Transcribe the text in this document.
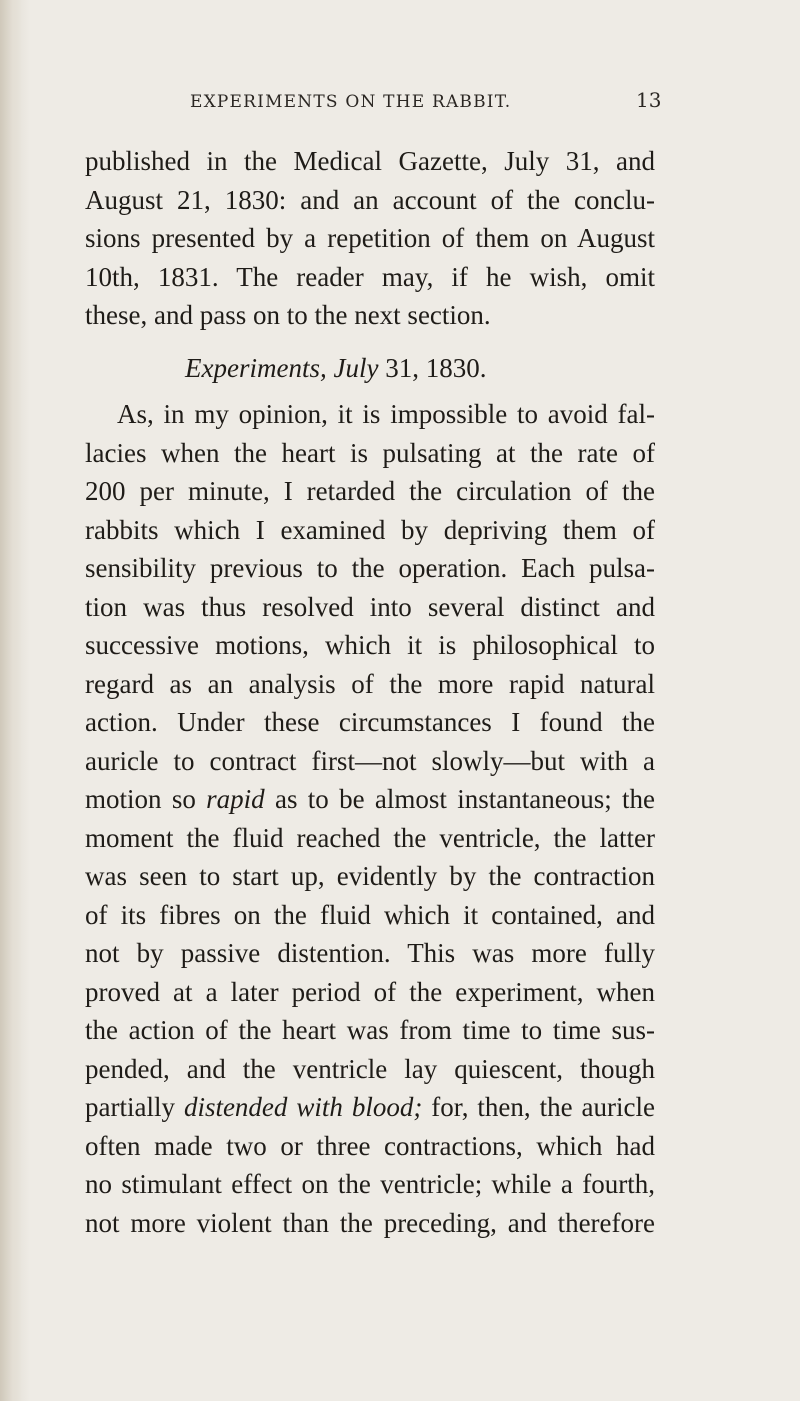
EXPERIMENTS ON THE RABBIT.	13
published in the Medical Gazette, July 31, and
August 21, 1830: and an account of the conclu-
sions presented by a repetition of them on August
10th, 1831. The reader may, if he wish, omit
these, and pass on to the next section.
Experiments, July 31, 1830.
As, in my opinion, it is impossible to avoid fal-
lacies when the heart is pulsating at the rate of
200 per minute, I retarded the circulation of the
rabbits which I examined by depriving them of
sensibility previous to the operation. Each pulsa-
tion was thus resolved into several distinct and
successive motions, which it is philosophical to
regard as an analysis of the more rapid natural
action. Under these circumstances I found the
auricle to contract first—not slowly—but with a
motion so rapid as to be almost instantaneous; the
moment the fluid reached the ventricle, the latter
was seen to start up, evidently by the contraction
of its fibres on the fluid which it contained, and
not by passive distention. This was more fully
proved at a later period of the experiment, when
the action of the heart was from time to time sus-
pended, and the ventricle lay quiescent, though
partially distended with blood; for, then, the auricle
often made two or three contractions, which had
no stimulant effect on the ventricle; while a fourth,
not more violent than the preceding, and therefore
